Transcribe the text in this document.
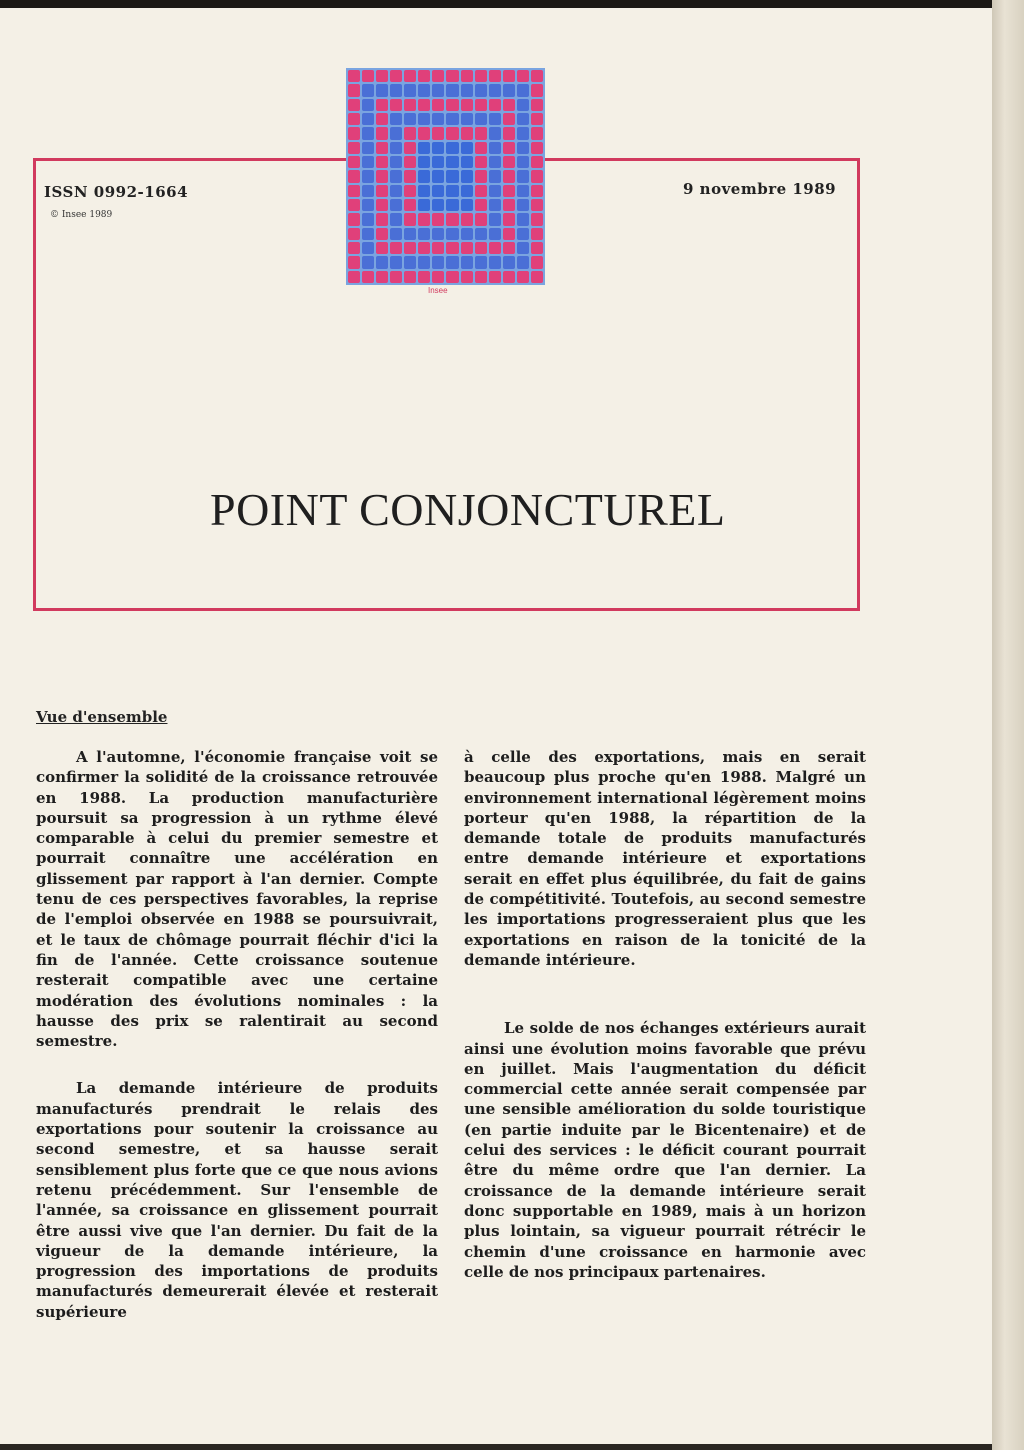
Insee
ISSN 0992-1664
© Insee 1989
9 novembre 1989
POINT CONJONCTUREL
Vue d'ensemble

A l'automne, l'économie française voit se confirmer la solidité de la croissance retrouvée en 1988. La production manufacturière poursuit sa progression à un rythme élevé comparable à celui du premier semestre et pourrait connaître une accélération en glissement par rapport à l'an dernier. Compte tenu de ces perspectives favorables, la reprise de l'emploi observée en 1988 se poursuivrait, et le taux de chômage pourrait fléchir d'ici la fin de l'année. Cette croissance soutenue resterait compatible avec une certaine modération des évolutions nominales : la hausse des prix se ralentirait au second semestre.

La demande intérieure de produits manufacturés prendrait le relais des exportations pour soutenir la croissance au second semestre, et sa hausse serait sensiblement plus forte que ce que nous avions retenu précédemment. Sur l'ensemble de l'année, sa croissance en glissement pourrait être aussi vive que l'an dernier. Du fait de la vigueur de la demande intérieure, la progression des importations de produits manufacturés demeurerait élevée et resterait supérieure

à celle des exportations, mais en serait beaucoup plus proche qu'en 1988. Malgré un environnement international légèrement moins porteur qu'en 1988, la répartition de la demande totale de produits manufacturés entre demande intérieure et exportations serait en effet plus équilibrée, du fait de gains de compétitivité. Toutefois, au second semestre les importations progresseraient plus que les exportations en raison de la tonicité de la demande intérieure.

Le solde de nos échanges extérieurs aurait ainsi une évolution moins favorable que prévu en juillet. Mais l'augmentation du déficit commercial cette année serait compensée par une sensible amélioration du solde touristique (en partie induite par le Bicentenaire) et de celui des services : le déficit courant pourrait être du même ordre que l'an dernier. La croissance de la demande intérieure serait donc supportable en 1989, mais à un horizon plus lointain, sa vigueur pourrait rétrécir le chemin d'une croissance en harmonie avec celle de nos principaux partenaires.
